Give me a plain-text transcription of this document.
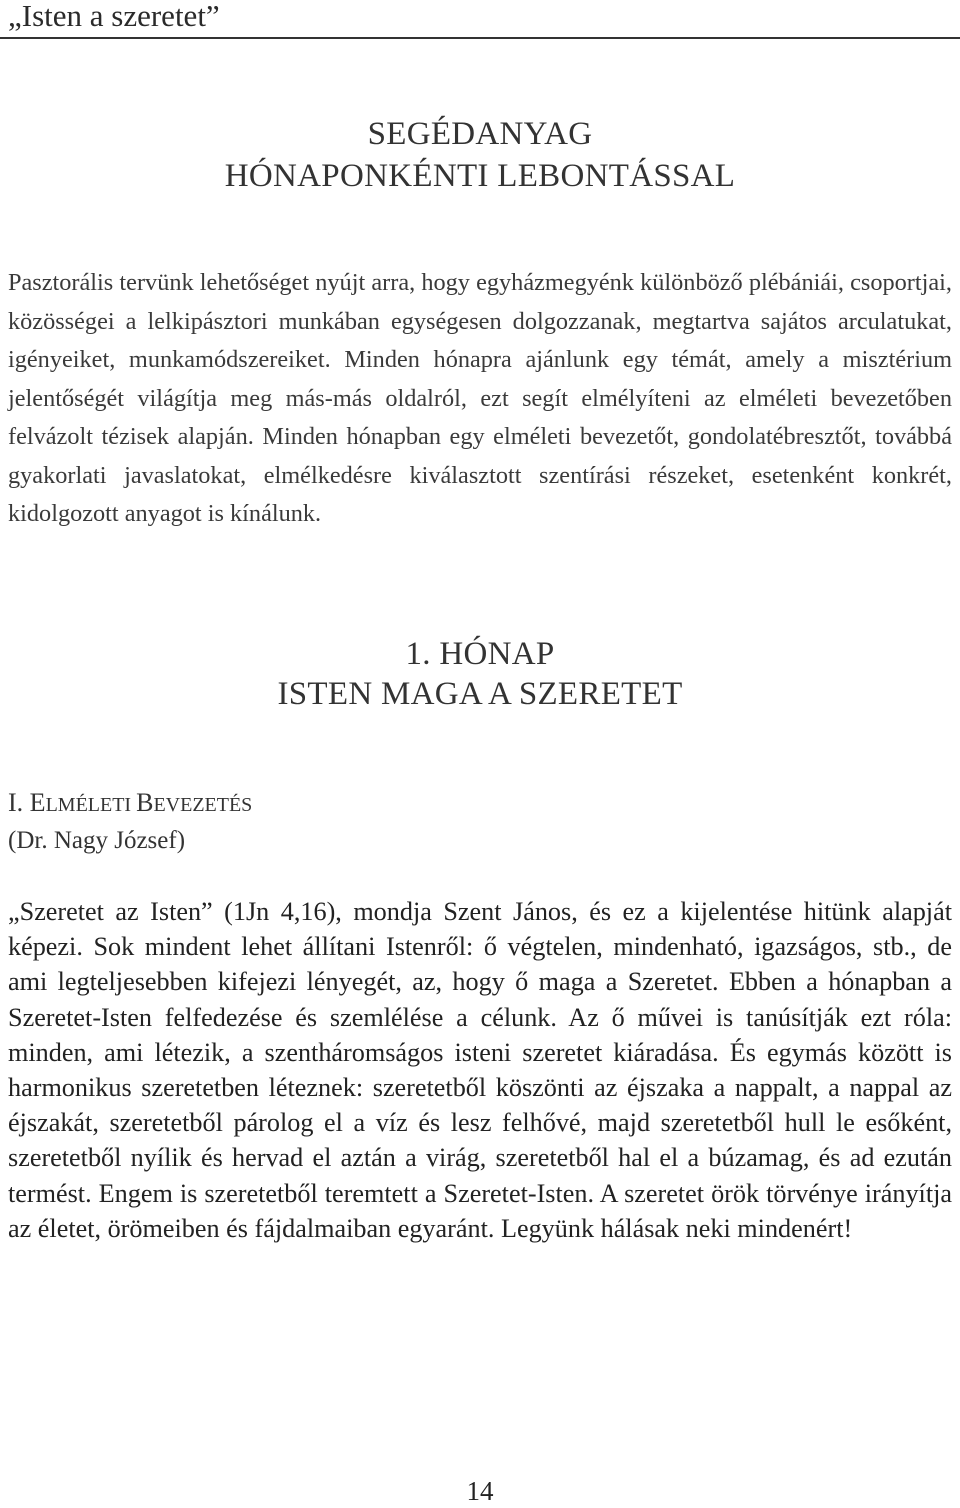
„Isten a szeretet”
SEGÉDANYAG
HÓNAPONKÉNTI LEBONTÁSSAL

Pasztorális tervünk lehetőséget nyújt arra, hogy egyházmegyénk különböző plébániái, csoportjai, közösségei a lelkipásztori munkában egységesen dolgozzanak, megtartva sajátos arculatukat, igényeiket, munkamódszereiket. Minden hónapra ajánlunk egy témát, amely a misztérium jelentőségét világítja meg más-más oldalról, ezt segít elmélyíteni az elméleti bevezetőben felvázolt tézisek alapján. Minden hónapban egy elméleti bevezetőt, gondolatébresztőt, továbbá gyakorlati javaslatokat, elmélkedésre kiválasztott szentírási részeket, esetenként konkrét, kidolgozott anyagot is kínálunk.

1. HÓNAP
ISTEN MAGA A SZERETET
I. ELMÉLETI BEVEZETÉS
(Dr. Nagy József)

„Szeretet az Isten” (1Jn 4,16), mondja Szent János, és ez a kijelentése hitünk alapját képezi. Sok mindent lehet állítani Istenről: ő végtelen, mindenható, igazságos, stb., de ami legteljesebben kifejezi lényegét, az, hogy ő maga a Szeretet. Ebben a hónapban a Szeretet-Isten felfedezése és szemlélése a célunk. Az ő művei is tanúsítják ezt róla: minden, ami létezik, a szentháromságos isteni szeretet kiáradása. És egymás között is harmonikus szeretetben léteznek: szeretetből köszönti az éjszaka a nappalt, a nappal az éjszakát, szeretetből párolog el a víz és lesz felhővé, majd szeretetből hull le esőként, szeretetből nyílik és hervad el aztán a virág, szeretetből hal el a búzamag, és ad ezután termést. Engem is szeretetből teremtett a Szeretet-Isten. A szeretet örök törvénye irányítja az életet, örömeiben és fájdalmaiban egyaránt. Legyünk hálásak neki mindenért!

14
